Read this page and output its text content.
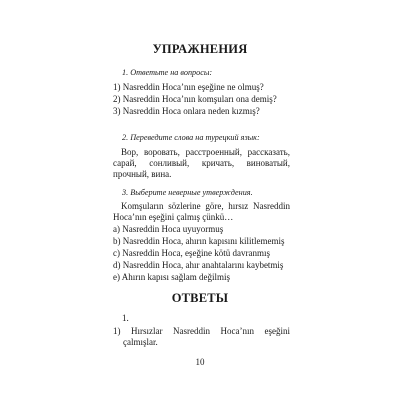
УПРАЖНЕНИЯ
1. Ответьте на вопросы:
1) Nasreddin Hoca’nın eşeğine ne olmuş?
2) Nasreddin Hoca’nın komşuları ona demiş?
3) Nasreddin Hoca onlara neden kızmış?
2. Переведите слова на турецкий язык:
Вор, воровать, расстроенный, рассказать, сарай, сонливый, кричать, виноватый, прочный, вина.
3. Выберите неверные утверждения.
Komşuların sözlerine göre, hırsız Nasreddin Hoca’nın eşeğini çalmış çünkü…
a) Nasreddin Hoca uyuyormuş
b) Nasreddin Hoca, ahırın kapısını kilitlememiş
c) Nasreddin Hoca, eşeğine kötü davranmış
d) Nasreddin Hoca, ahır anahtalarını kaybetmiş
e) Ahırın kapısı sağlam değilmiş
ОТВЕТЫ
1.
1) Hırsızlar Nasreddin Hoca’nın eşeğini çalmışlar.
10
